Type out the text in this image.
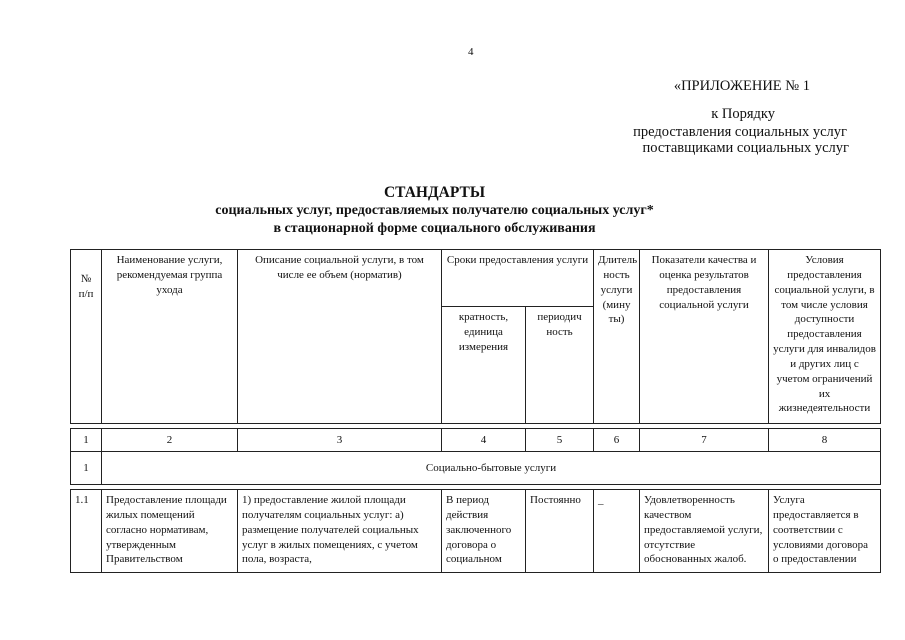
4
«ПРИЛОЖЕНИЕ № 1
к Порядку
предоставления социальных услуг
поставщиками социальных услуг
СТАНДАРТЫ
социальных услуг, предоставляемых получателю социальных услуг*
в стационарной форме социального обслуживания
№ п/п	Наименование услуги, рекомендуемая группа ухода	Описание социальной услуги, в том числе ее объем (норматив)	Сроки предоставления услуги		Длитель ность услуги (мину ты)	Показатели качества и оценка результатов предоставления социальной услуги	Условия предоставления социальной услуги, в том числе условия доступности предоставления услуги для инвалидов и других лиц с учетом ограничений их жизнедеятельности
			кратность, единица измерения	периодич ность			

1	2	3	4	5	6	7	8
1	Социально-бытовые услуги						

1.1	Предоставление площади жилых помещений согласно нормативам, утвержденным Правительством	1) предоставление жилой площади получателям социальных услуг: а) размещение получателей социальных услуг в жилых помещениях, с учетом пола, возраста,	В период действия заключенного договора о социальном	Постоянно	_	Удовлетворенность качеством предоставляемой услуги, отсутствие обоснованных жалоб.	Услуга предоставляется в соответствии с условиями договора о предоставлении
